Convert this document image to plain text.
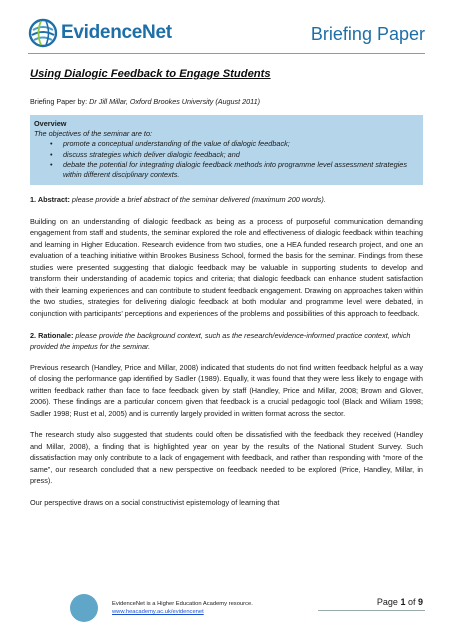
EvidenceNet	Briefing Paper
Using Dialogic Feedback to Engage Students
Briefing Paper by: Dr Jill Millar, Oxford Brookes University (August 2011)
Overview
The objectives of the seminar are to:
• promote a conceptual understanding of the value of dialogic feedback;
• discuss strategies which deliver dialogic feedback; and
• debate the potential for integrating dialogic feedback methods into programme level assessment strategies within different disciplinary contexts.
1. Abstract: please provide a brief abstract of the seminar delivered (maximum 200 words).
Building on an understanding of dialogic feedback as being as a process of purposeful communication demanding engagement from staff and students, the seminar explored the role and effectiveness of dialogic feedback within teaching and learning in Higher Education. Research evidence from two studies, one a HEA funded research project, and one an evaluation of a teaching initiative within Brookes Business School, formed the basis for the seminar. Findings from these studies were presented suggesting that dialogic feedback may be valuable in supporting students to develop and transform their understanding of academic topics and criteria; that dialogic feedback can enhance student satisfaction with their learning experiences and can contribute to student feedback engagement. Drawing on approaches taken within the two studies, strategies for delivering dialogic feedback at both modular and programme level were debated, in conjunction with participants’ perceptions and experiences of the problems and possibilities of this approach to feedback.
2. Rationale: please provide the background context, such as the research/evidence-informed practice context, which provided the impetus for the seminar.
Previous research (Handley, Price and Millar, 2008) indicated that students do not find written feedback helpful as a way of closing the performance gap identified by Sadler (1989). Equally, it was found that they were less likely to engage with written feedback rather than face to face feedback given by staff (Handley, Price and Millar, 2008; Brown and Glover, 2006). These findings are a particular concern given that feedback is a crucial pedagogic tool (Black and Wiliam 1998; Sadler 1998; Rust et al, 2005) and is currently largely provided in written format across the sector.
The research study also suggested that students could often be dissatisfied with the feedback they received (Handley and Millar, 2008), a finding that is highlighted year on year by the results of the National Student Survey. Such dissatisfaction may only contribute to a lack of engagement with feedback, and rather than responding with “more of the same”, our research concluded that a new perspective on feedback needed to be explored (Price, Handley, Millar, in press).
Our perspective draws on a social constructivist epistemology of learning that
EvidenceNet is a Higher Education Academy resource.
www.heacademy.ac.uk/evidencenet
Page 1 of 9
